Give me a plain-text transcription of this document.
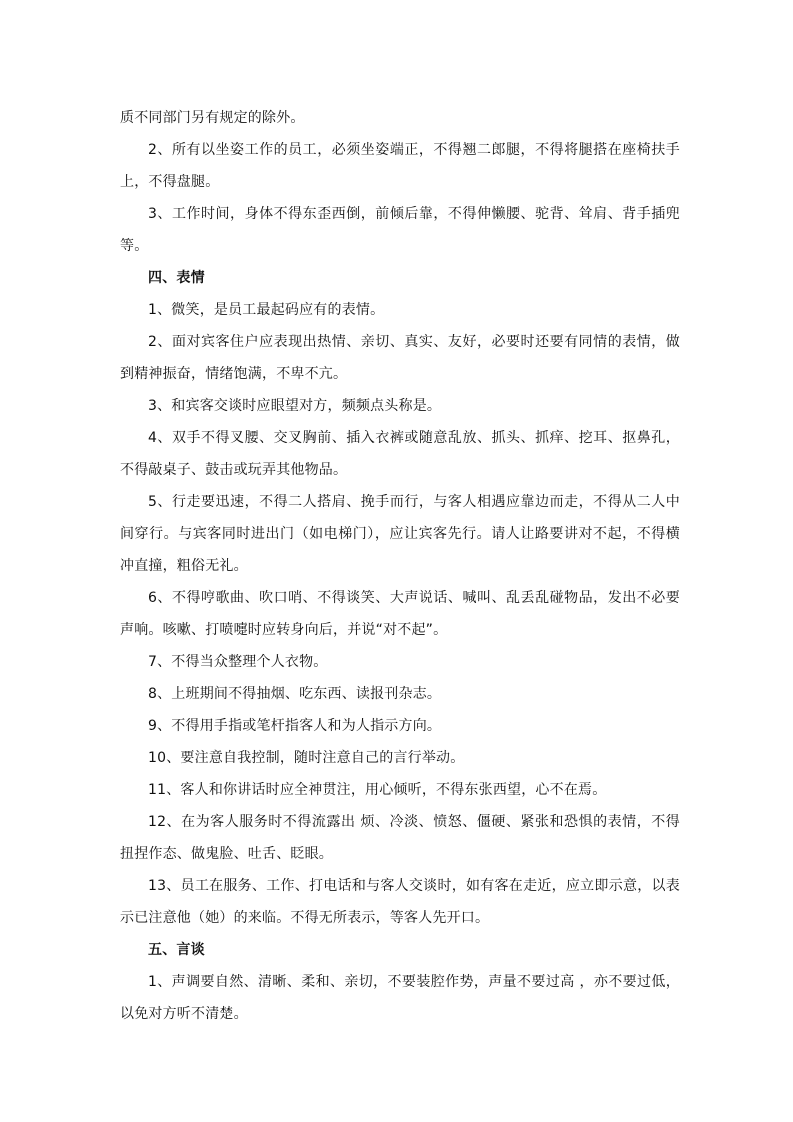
质不同部门另有规定的除外。

2、所有以坐姿工作的员工，必须坐姿端正，不得翘二郎腿，不得将腿搭在座椅扶手上，不得盘腿。

3、工作时间，身体不得东歪西倒，前倾后靠，不得伸懒腰、驼背、耸肩、背手插兜等。

四、表情

1、微笑，是员工最起码应有的表情。

2、面对宾客住户应表现出热情、亲切、真实、友好，必要时还要有同情的表情，做到精神振奋，情绪饱满，不卑不亢。

3、和宾客交谈时应眼望对方，频频点头称是。

4、双手不得叉腰、交叉胸前、插入衣裤或随意乱放、抓头、抓痒、挖耳、抠鼻孔，不得敲桌子、鼓击或玩弄其他物品。

5、行走要迅速，不得二人搭肩、挽手而行，与客人相遇应靠边而走，不得从二人中间穿行。与宾客同时进出门（如电梯门），应让宾客先行。请人让路要讲对不起，不得横冲直撞，粗俗无礼。

6、不得哼歌曲、吹口哨、不得谈笑、大声说话、喊叫、乱丢乱碰物品，发出不必要声响。咳嗽、打喷嚏时应转身向后，并说“对不起”。

7、不得当众整理个人衣物。

8、上班期间不得抽烟、吃东西、读报刊杂志。

9、不得用手指或笔杆指客人和为人指示方向。

10、要注意自我控制，随时注意自己的言行举动。

11、客人和你讲话时应全神贯注，用心倾听，不得东张西望，心不在焉。

12、在为客人服务时不得流露出 烦、冷淡、愤怒、僵硬、紧张和恐惧的表情，不得扭捏作态、做鬼脸、吐舌、眨眼。

13、员工在服务、工作、打电话和与客人交谈时，如有客在走近，应立即示意，以表示已注意他（她）的来临。不得无所表示，等客人先开口。

五、言谈

1、声调要自然、清晰、柔和、亲切，不要装腔作势，声量不要过高 ，亦不要过低，以免对方听不清楚。
